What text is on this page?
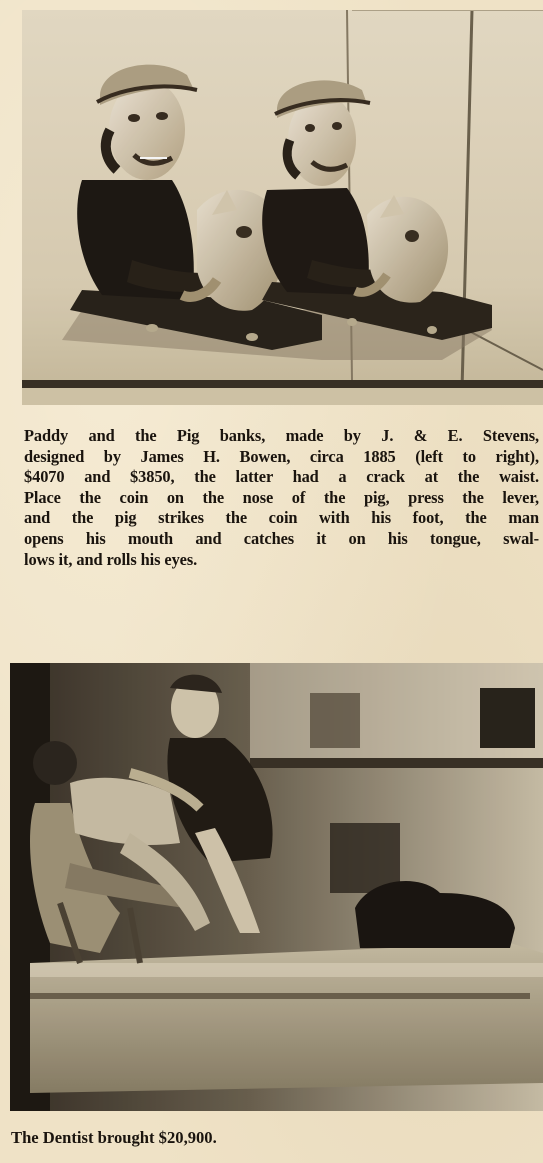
Paddy and the Pig banks, made by J. & E. Stevens,
designed by James H. Bowen, circa 1885 (left to right),
$4070 and $3850, the latter had a crack at the waist.
Place the coin on the nose of the pig, press the lever,
and the pig strikes the coin with his foot, the man
opens his mouth and catches it on his tongue, swal-
lows it, and rolls his eyes.

The Dentist brought $20,900.
